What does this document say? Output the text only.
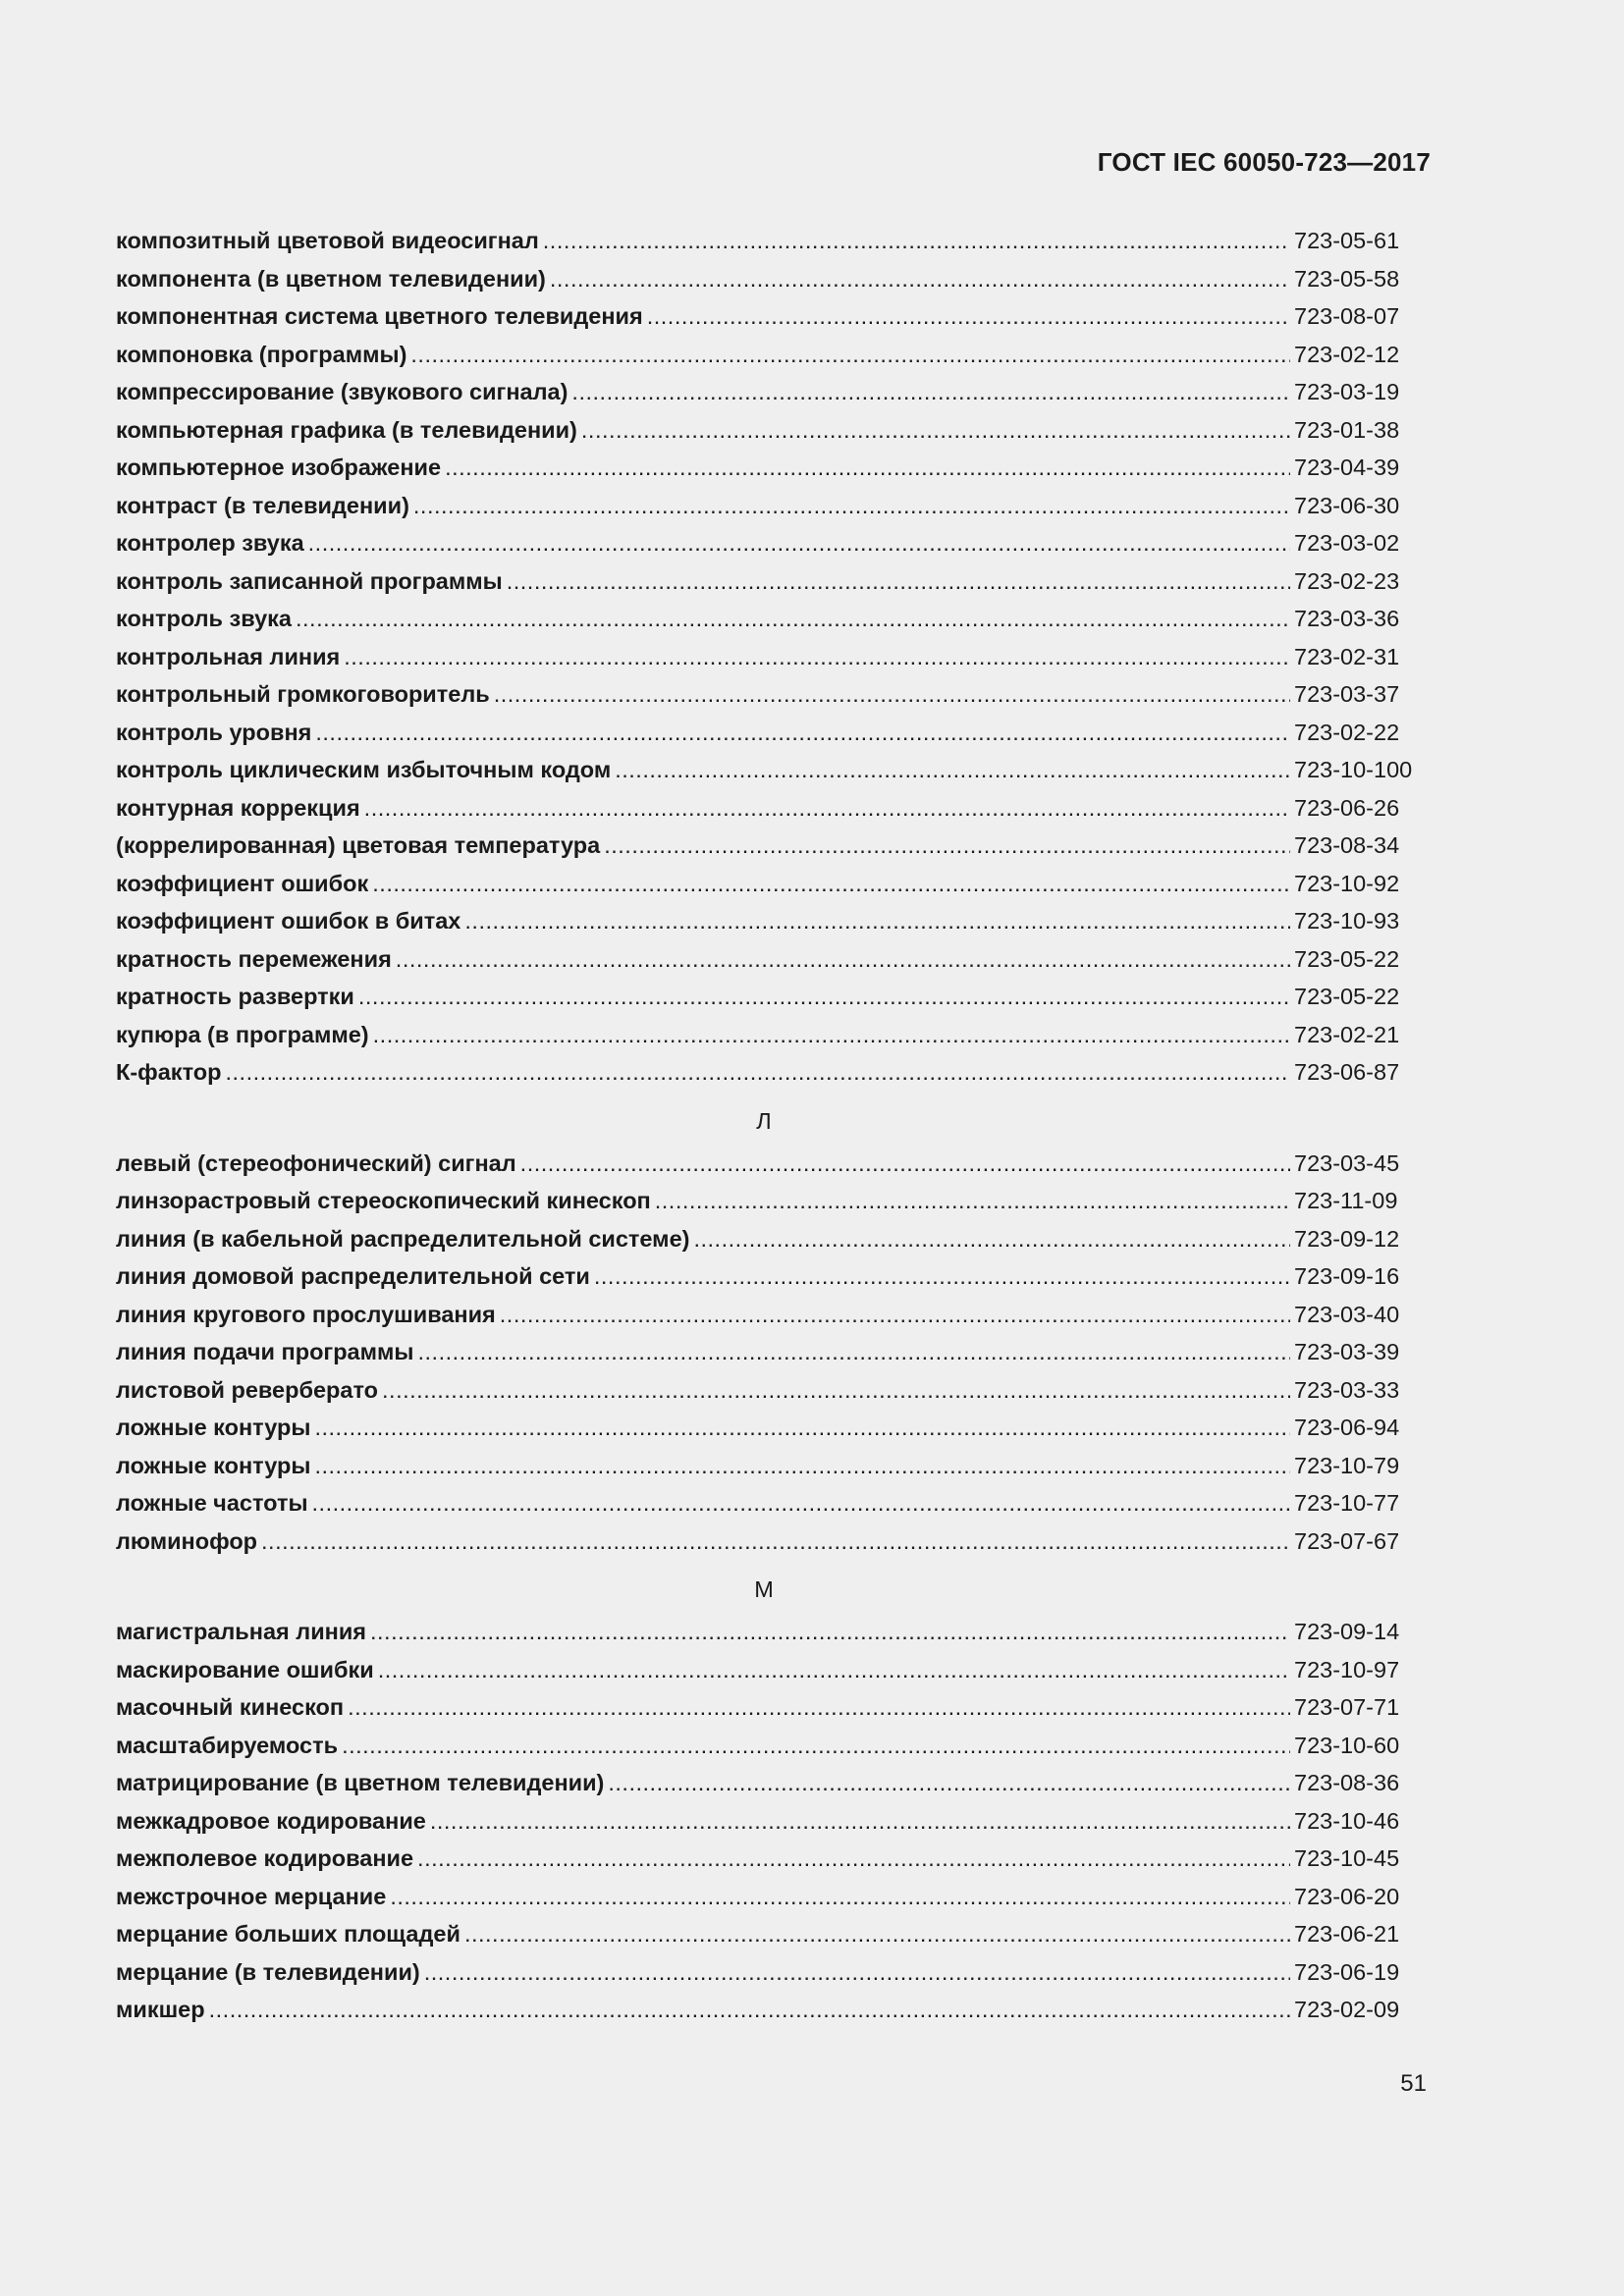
ГОСТ IEC 60050-723—2017
композитный цветовой видеосигнал .....	723-05-61
компонента (в цветном телевидении) .....	723-05-58
компонентная система цветного телевидения .....	723-08-07
компоновка (программы) .....	723-02-12
компрессирование (звукового сигнала) .....	723-03-19
компьютерная графика (в телевидении) .....	723-01-38
компьютерное изображение .....	723-04-39
контраст (в телевидении) .....	723-06-30
контролер звука .....	723-03-02
контроль записанной программы .....	723-02-23
контроль звука .....	723-03-36
контрольная линия .....	723-02-31
контрольный громкоговоритель .....	723-03-37
контроль уровня .....	723-02-22
контроль циклическим избыточным кодом .....	723-10-100
контурная коррекция .....	723-06-26
(коррелированная) цветовая температура .....	723-08-34
коэффициент ошибок .....	723-10-92
коэффициент ошибок в битах .....	723-10-93
кратность перемежения .....	723-05-22
кратность развертки .....	723-05-22
купюра (в программе) .....	723-02-21
К-фактор .....	723-06-87
Л
левый (стереофонический) сигнал .....	723-03-45
линзорастровый стереоскопический кинескоп .....	723-11-09
линия (в кабельной распределительной системе) .....	723-09-12
линия домовой распределительной сети .....	723-09-16
линия кругового прослушивания .....	723-03-40
линия подачи программы .....	723-03-39
листовой реверберато .....	723-03-33
ложные контуры .....	723-06-94
ложные контуры .....	723-10-79
ложные частоты .....	723-10-77
люминофор .....	723-07-67
М
магистральная линия .....	723-09-14
маскирование ошибки .....	723-10-97
масочный кинескоп .....	723-07-71
масштабируемость .....	723-10-60
матрицирование (в цветном телевидении) .....	723-08-36
межкадровое кодирование .....	723-10-46
межполевое кодирование .....	723-10-45
межстрочное мерцание .....	723-06-20
мерцание больших площадей .....	723-06-21
мерцание (в телевидении) .....	723-06-19
микшер .....	723-02-09
51
